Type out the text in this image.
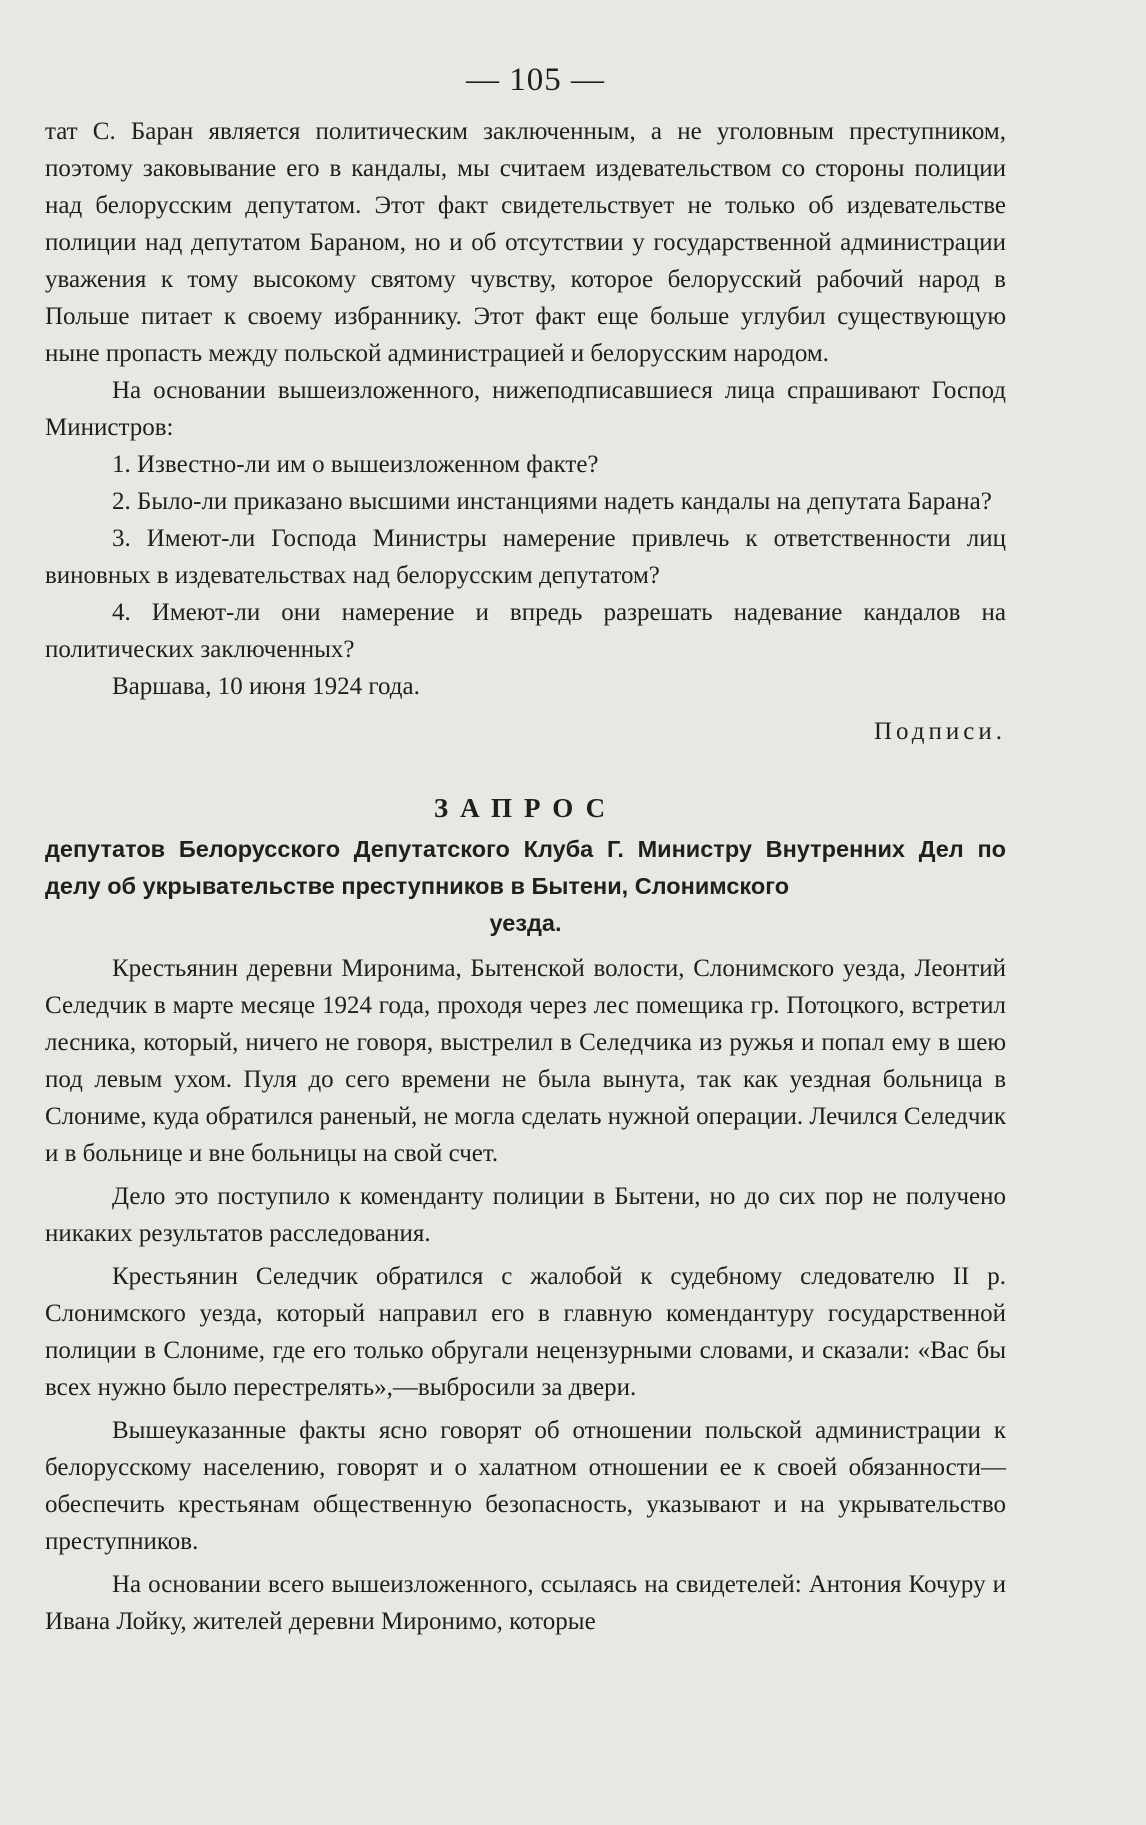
— 105 —

тат С. Баран является политическим заключенным, а не уголовным преступником, поэтому заковывание его в кандалы, мы считаем издевательством со стороны полиции над белорусским депутатом. Этот факт свидетельствует не только об издевательстве полиции над депутатом Бараном, но и об отсутствии у государственной администрации уважения к тому высокому святому чувству, которое белорусский рабочий народ в Польше питает к своему избраннику. Этот факт еще больше углубил существующую ныне пропасть между польской администрацией и белорусским народом.

На основании вышеизложенного, нижеподписавшиеся лица спрашивают Господ Министров:

1. Известно-ли им о вышеизложенном факте?

2. Было-ли приказано высшими инстанциями надеть кандалы на депутата Барана?

3. Имеют-ли Господа Министры намерение привлечь к ответственности лиц виновных в издевательствах над белорусским депутатом?

4. Имеют-ли они намерение и впредь разрешать надевание кандалов на политических заключенных?

Варшава, 10 июня 1924 года.

Подписи.

ЗАПРОС
депутатов Белорусского Депутатского Клуба Г. Министру Внутренних Дел по делу об укрывательстве преступников в Бытени, Слонимского
уезда.

Крестьянин деревни Миронима, Бытенской волости, Слонимского уезда, Леонтий Селедчик в марте месяце 1924 года, проходя через лес помещика гр. Потоцкого, встретил лесника, который, ничего не говоря, выстрелил в Селедчика из ружья и попал ему в шею под левым ухом. Пуля до сего времени не была вынута, так как уездная больница в Слониме, куда обратился раненый, не могла сделать нужной операции. Лечился Селедчик и в больнице и вне больницы на свой счет.

Дело это поступило к коменданту полиции в Бытени, но до сих пор не получено никаких результатов расследования.

Крестьянин Селедчик обратился с жалобой к судебному следователю II р. Слонимского уезда, который направил его в главную комендантуру государственной полиции в Слониме, где его только обругали нецензурными словами, и сказали: «Вас бы всех нужно было перестрелять»,—выбросили за двери.

Вышеуказанные факты ясно говорят об отношении польской администрации к белорусскому населению, говорят и о халатном отношении ее к своей обязанности—обеспечить крестьянам общественную безопасность, указывают и на укрывательство преступников.

На основании всего вышеизложенного, ссылаясь на свидетелей: Антония Кочуру и Ивана Лойку, жителей деревни Миронимо, которые
